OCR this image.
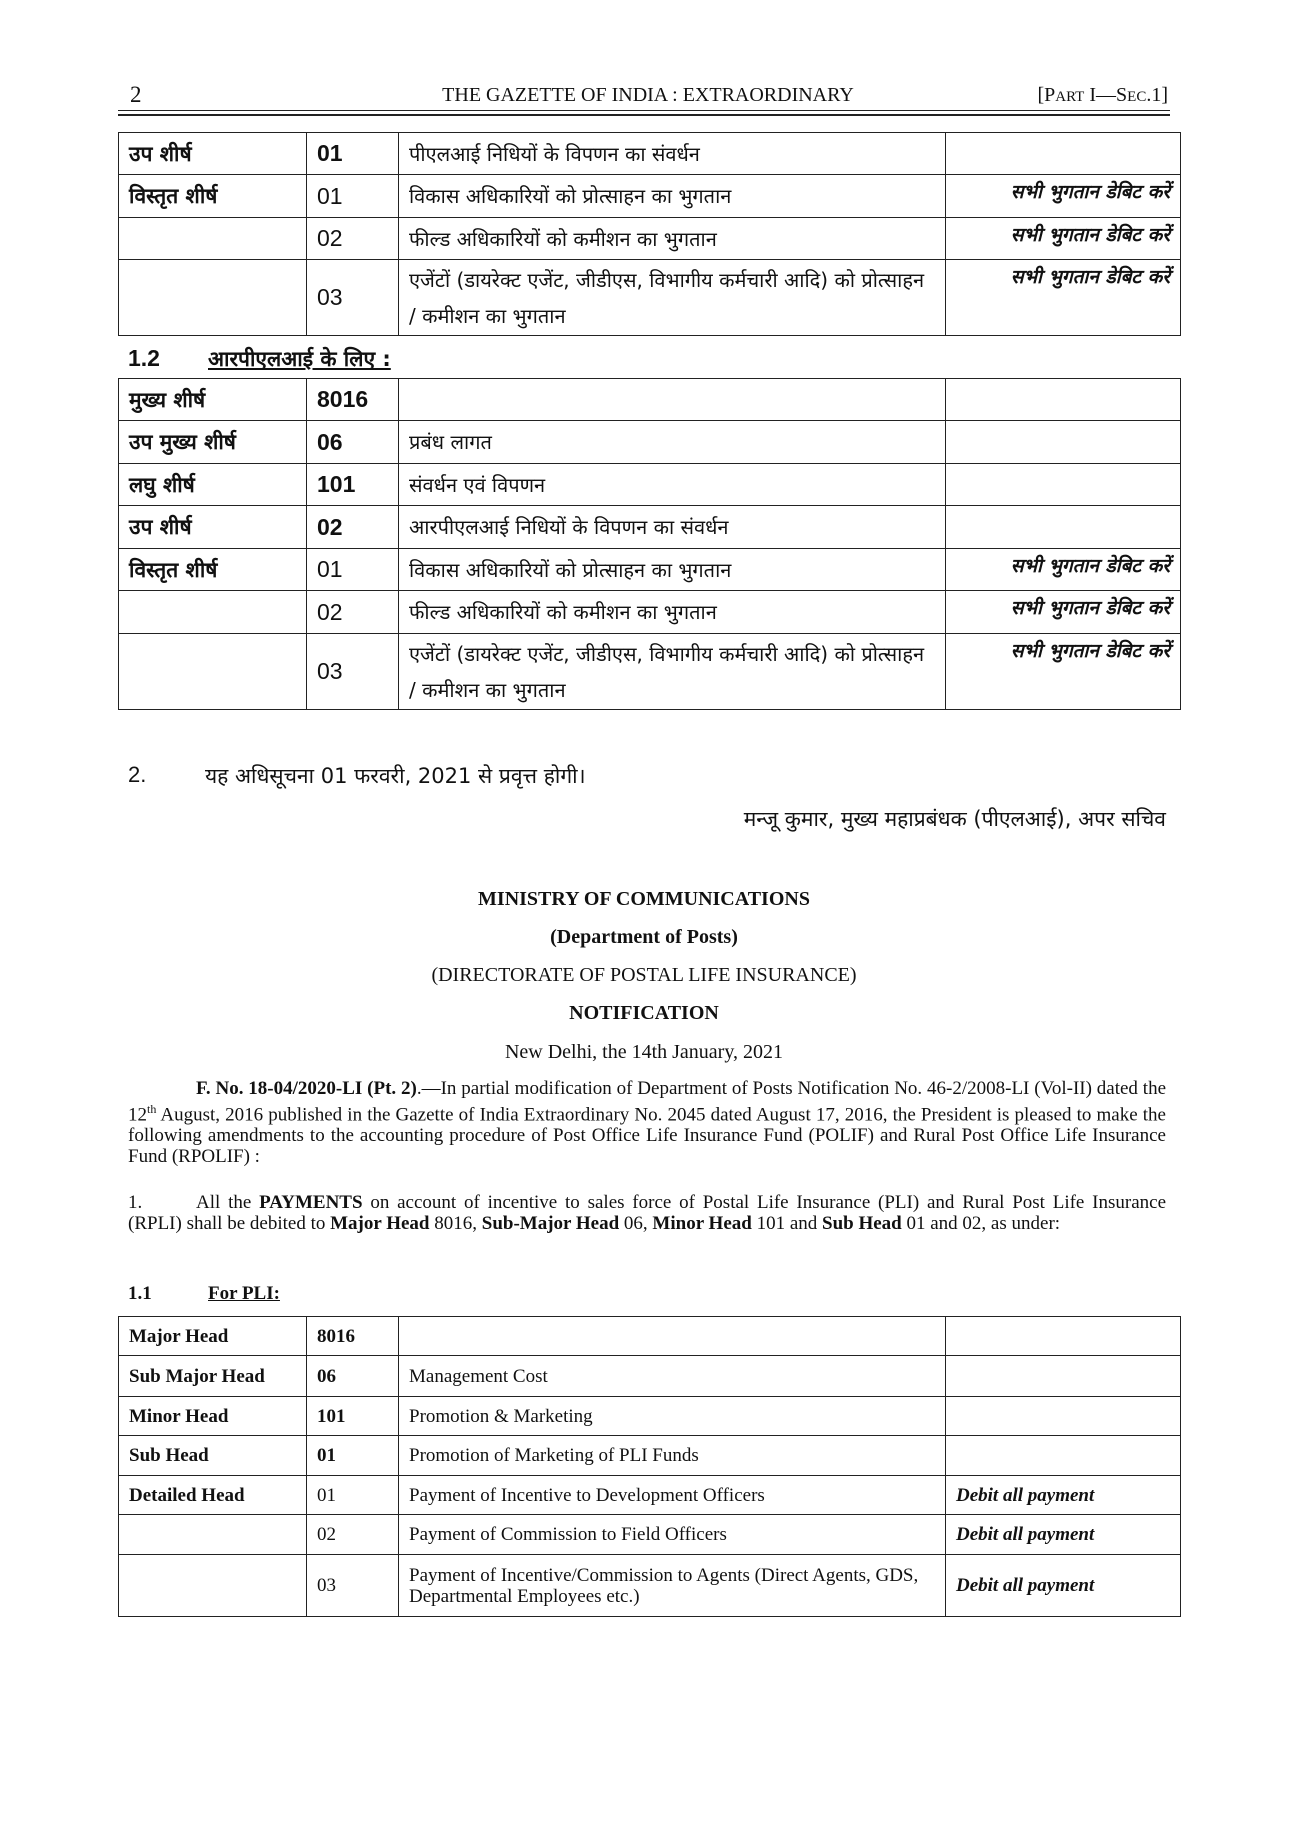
2	THE GAZETTE OF INDIA : EXTRAORDINARY	[PART I—SEC.1]
उप शीर्ष	01	पीएलआई निधियों के विपणन का संवर्धन	
विस्तृत शीर्ष	01	विकास अधिकारियों को प्रोत्साहन का भुगतान	सभी भुगतान डेबिट करें
	02	फील्ड अधिकारियों को कमीशन का भुगतान	सभी भुगतान डेबिट करें
	03	एजेंटों (डायरेक्ट एजेंट, जीडीएस, विभागीय कर्मचारी आदि) को प्रोत्साहन / कमीशन का भुगतान	सभी भुगतान डेबिट करें
1.2 आरपीएलआई के लिए :
मुख्य शीर्ष	8016		
उप मुख्य शीर्ष	06	प्रबंध लागत	
लघु शीर्ष	101	संवर्धन एवं विपणन	
उप शीर्ष	02	आरपीएलआई निधियों के विपणन का संवर्धन	
विस्तृत शीर्ष	01	विकास अधिकारियों को प्रोत्साहन का भुगतान	सभी भुगतान डेबिट करें
	02	फील्ड अधिकारियों को कमीशन का भुगतान	सभी भुगतान डेबिट करें
	03	एजेंटों (डायरेक्ट एजेंट, जीडीएस, विभागीय कर्मचारी आदि) को प्रोत्साहन / कमीशन का भुगतान	सभी भुगतान डेबिट करें
2.	यह अधिसूचना 01 फरवरी, 2021 से प्रवृत्त होगी।
मन्जू कुमार, मुख्य महाप्रबंधक (पीएलआई), अपर सचिव
MINISTRY OF COMMUNICATIONS
(Department of Posts)
(DIRECTORATE OF POSTAL LIFE INSURANCE)
NOTIFICATION
New Delhi, the 14th January, 2021
F. No. 18-04/2020-LI (Pt. 2).—In partial modification of Department of Posts Notification No. 46-2/2008-LI (Vol-II) dated the 12th August, 2016 published in the Gazette of India Extraordinary No. 2045 dated August 17, 2016, the President is pleased to make the following amendments to the accounting procedure of Post Office Life Insurance Fund (POLIF) and Rural Post Office Life Insurance Fund (RPOLIF) :
1.	All the PAYMENTS on account of incentive to sales force of Postal Life Insurance (PLI) and Rural Post Life Insurance (RPLI) shall be debited to Major Head 8016, Sub-Major Head 06, Minor Head 101 and Sub Head 01 and 02, as under:
1.1	For PLI:
Major Head	8016		
Sub Major Head	06	Management Cost	
Minor Head	101	Promotion & Marketing	
Sub Head	01	Promotion of Marketing of PLI Funds	
Detailed Head	01	Payment of Incentive to Development Officers	Debit all payment
	02	Payment of Commission to Field Officers	Debit all payment
	03	Payment of Incentive/Commission to Agents (Direct Agents, GDS, Departmental Employees etc.)	Debit all payment
